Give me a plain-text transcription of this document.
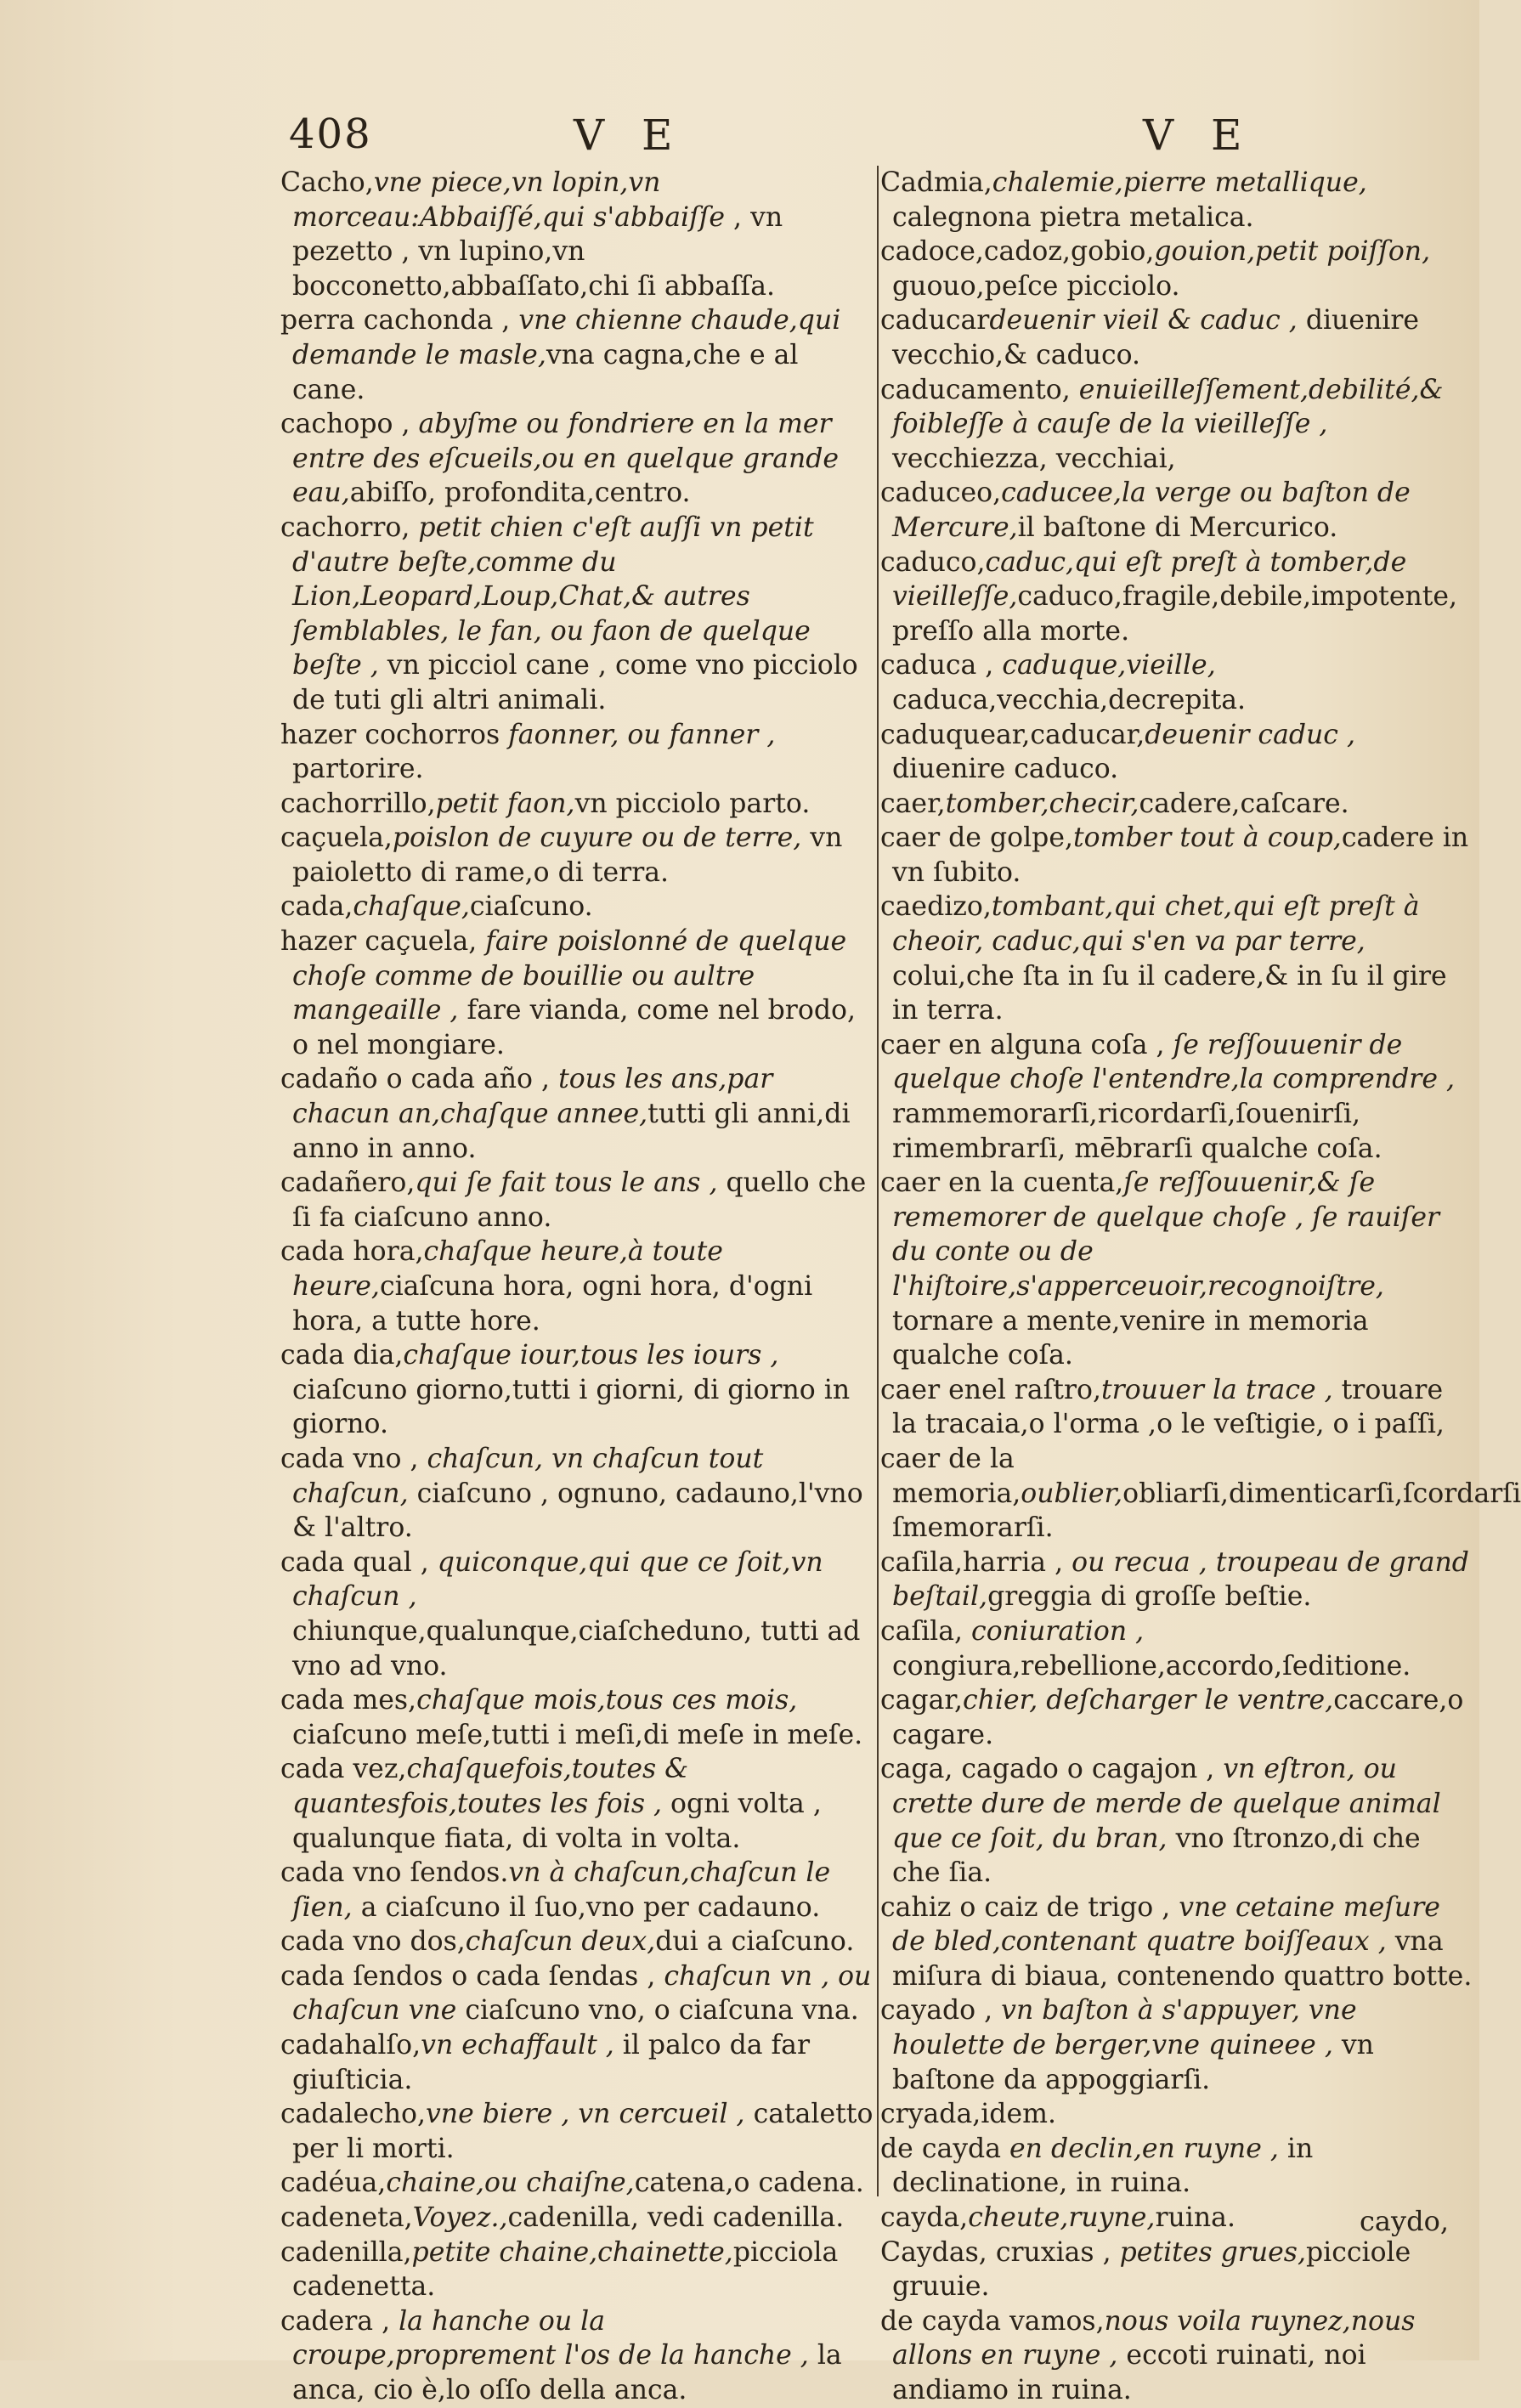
408	V E	V E
Cacho,vne piece,vn lopin,vn morceau:Abbaiſſé,qui s'abbaiſſe , vn pezetto , vn lupino,vn bocconetto,abbaſſato,chi ſi abbaſſa.
perra cachonda , vne chienne chaude,qui demande le masle,vna cagna,che e al cane.
cachopo , abyſme ou fondriere en la mer entre des eſcueils,ou en quelque grande eau,abiſſo, profondita,centro.
cachorro, petit chien c'eſt auſſi vn petit d'autre beſte,comme du Lion,Leopard,Loup,Chat,& autres ſemblables, le fan, ou faon de quelque beſte , vn picciol cane , come vno picciolo de tuti gli altri animali.
hazer cochorros faonner, ou fanner , partorire.
cachorrillo,petit faon,vn picciolo parto.
caçuela,poislon de cuyure ou de terre, vn paioletto di rame,o di terra.
cada,chaſque,ciaſcuno.
hazer caçuela, faire poislonné de quelque choſe comme de bouillie ou aultre mangeaille , fare vianda, come nel brodo, o nel mongiare.
cadaño o cada año , tous les ans,par chacun an,chaſque annee,tutti gli anni,di anno in anno.
cadañero,qui ſe fait tous le ans , quello che ſi fa ciaſcuno anno.
cada hora,chaſque heure,à toute heure,ciaſcuna hora, ogni hora, d'ogni hora, a tutte hore.
cada dia,chaſque iour,tous les iours , ciaſcuno giorno,tutti i giorni, di giorno in giorno.
cada vno , chaſcun, vn chaſcun tout chaſcun, ciaſcuno , ognuno, cadauno,l'vno & l'altro.
cada qual , quiconque,qui que ce ſoit,vn chaſcun , chiunque,qualunque,ciaſcheduno, tutti ad vno ad vno.
cada mes,chaſque mois,tous ces mois, ciaſcuno meſe,tutti i meſi,di meſe in meſe.
cada vez,chaſquefois,toutes & quantesfois,toutes les fois , ogni volta , qualunque fiata, di volta in volta.
cada vno ſendos.vn à chaſcun,chaſcun le ſien, a ciaſcuno il ſuo,vno per cadauno.
cada vno dos,chaſcun deux,dui a ciaſcuno.
cada ſendos o cada ſendas , chaſcun vn , ou chaſcun vne ciaſcuno vno, o ciaſcuna vna.
cadahalſo,vn echaffault , il palco da far giuſticia.
cadalecho,vne biere , vn cercueil , cataletto per li morti.
cadéua,chaine,ou chaiſne,catena,o cadena.
cadeneta,Voyez.,cadenilla, vedi cadenilla.
cadenilla,petite chaine,chainette,picciola cadenetta.
cadera , la hanche ou la croupe,proprement l'os de la hanche , la anca, cio è,lo oſſo della anca.
Cadmia,chalemie,pierre metallique, calegnona pietra metalica.
cadoce,cadoz,gobio,gouion,petit poiſſon, guouo,peſce picciolo.
caducardeuenir vieil & caduc , diuenire vecchio,& caduco.
caducamento, enuieilleſſement,debilité,& foibleſſe à cauſe de la vieilleſſe , vecchiezza, vecchiai,
caduceo,caducee,la verge ou baſton de Mercure,il baſtone di Mercurico.
caduco,caduc,qui eſt preſt à tomber,de vieilleſſe,caduco,fragile,debile,impotente, preſſo alla morte.
caduca , caduque,vieille, caduca,vecchia,decrepita.
caduquear,caducar,deuenir caduc , diuenire caduco.
caer,tomber,checir,cadere,caſcare.
caer de golpe,tomber tout à coup,cadere in vn ſubito.
caedizo,tombant,qui chet,qui eſt preſt à cheoir, caduc,qui s'en va par terre, colui,che ſta in ſu il cadere,& in ſu il gire in terra.
caer en alguna coſa , ſe reſſouuenir de quelque choſe l'entendre,la comprendre , rammemorarſi,ricordarſi,ſouenirſi, rimembrarſi, mēbrarſi qualche coſa.
caer en la cuenta,ſe reſſouuenir,& ſe rememorer de quelque choſe , ſe rauiſer du conte ou de l'hiſtoire,s'apperceuoir,recognoiſtre, tornare a mente,venire in memoria qualche coſa.
caer enel raſtro,trouuer la trace , trouare la tracaia,o l'orma ,o le veſtigie, o i paſſi,
caer de la memoria,oublier,obliarſi,dimenticarſi,ſcordarſi ſmemorarſi.
caſila,harria , ou recua , troupeau de grand beſtail,greggia di groſſe beſtie.
caſila, coniuration , congiura,rebellione,accordo,ſeditione.
cagar,chier, deſcharger le ventre,caccare,o cagare.
caga, cagado o cagajon , vn eſtron, ou crette dure de merde de quelque animal que ce ſoit, du bran, vno ſtronzo,di che che ſia.
cahiz o caiz de trigo , vne cetaine meſure de bled,contenant quatre boiſſeaux , vna miſura di biaua, contenendo quattro botte.
cayado , vn baſton à s'appuyer, vne houlette de berger,vne quineee , vn baſtone da appoggiarſi.
cryada,idem.
de cayda en declin,en ruyne , in declinatione, in ruina.
cayda,cheute,ruyne,ruina.
Caydas, cruxias , petites grues,picciole gruuie.
de cayda vamos,nous voila ruynez,nous allons en ruyne , eccoti ruinati, noi andiamo in ruina.
caydo,
